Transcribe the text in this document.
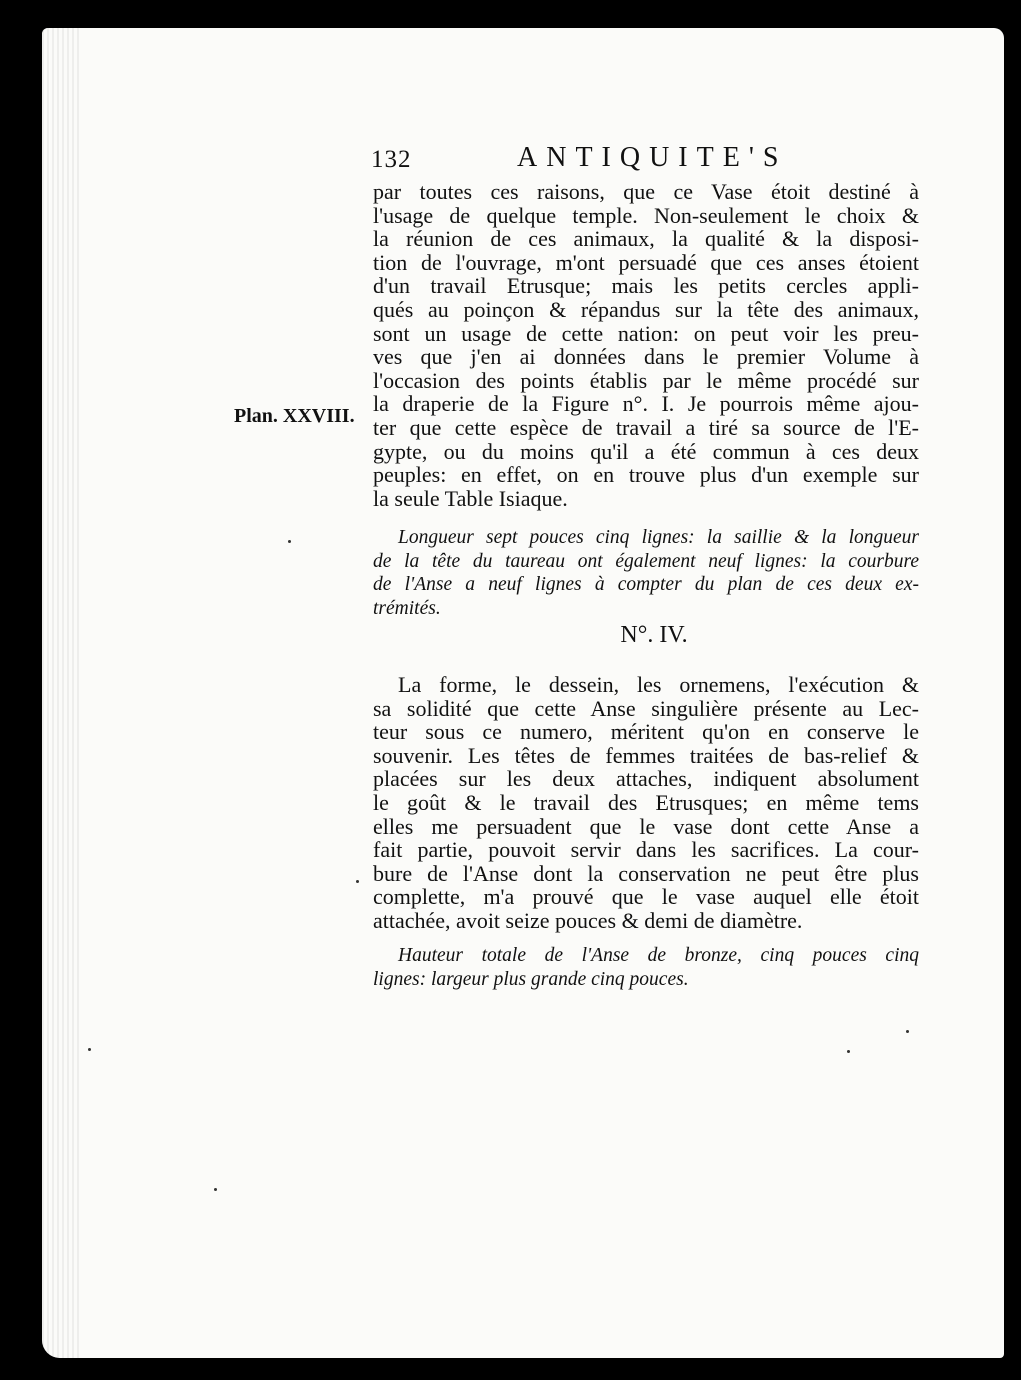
132	ANTIQUITE'S
Plan. XXVIII.
par toutes ces raisons, que ce Vase étoit destiné à
l'usage de quelque temple. Non-seulement le choix &
la réunion de ces animaux, la qualité & la disposi-
tion de l'ouvrage, m'ont persuadé que ces anses étoient
d'un travail Etrusque; mais les petits cercles appli-
qués au poinçon & répandus sur la tête des animaux,
sont un usage de cette nation: on peut voir les preu-
ves que j'en ai données dans le premier Volume à
l'occasion des points établis par le même procédé sur
la draperie de la Figure n°. I. Je pourrois même ajou-
ter que cette espèce de travail a tiré sa source de l'E-
gypte, ou du moins qu'il a été commun à ces deux
peuples: en effet, on en trouve plus d'un exemple sur
la seule Table Isiaque.
Longueur sept pouces cinq lignes: la saillie & la longueur
de la tête du taureau ont également neuf lignes: la courbure
de l'Anse a neuf lignes à compter du plan de ces deux ex-
trémités.
N°. IV.
La forme, le dessein, les ornemens, l'exécution &
sa solidité que cette Anse singulière présente au Lec-
teur sous ce numero, méritent qu'on en conserve le
souvenir. Les têtes de femmes traitées de bas-relief &
placées sur les deux attaches, indiquent absolument
le goût & le travail des Etrusques; en même tems
elles me persuadent que le vase dont cette Anse a
fait partie, pouvoit servir dans les sacrifices. La cour-
bure de l'Anse dont la conservation ne peut être plus
complette, m'a prouvé que le vase auquel elle étoit
attachée, avoit seize pouces & demi de diamètre.
Hauteur totale de l'Anse de bronze, cinq pouces cinq
lignes: largeur plus grande cinq pouces.
